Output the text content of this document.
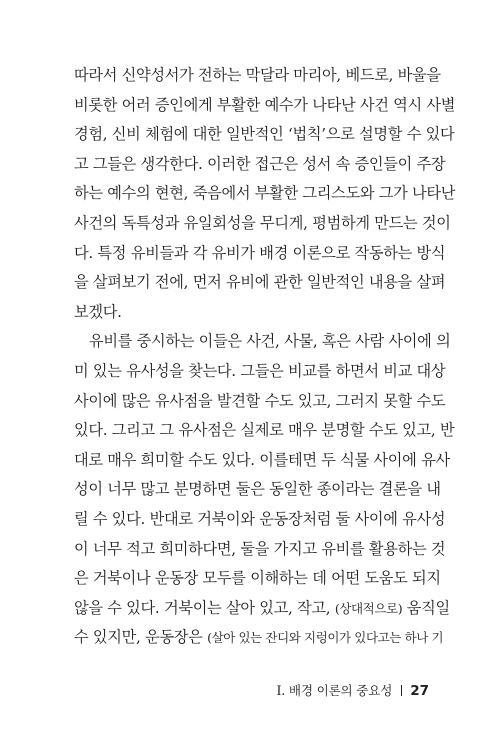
따라서 신약성서가 전하는 막달라 마리아, 베드로, 바울을
비롯한 어러 증인에게 부활한 예수가 나타난 사건 역시 사별
경험, 신비 체험에 대한 일반적인 ‘법칙’으로 설명할 수 있다
고 그들은 생각한다. 이러한 접근은 성서 속 증인들이 주장
하는 예수의 현현, 죽음에서 부활한 그리스도와 그가 나타난
사건의 독특성과 유일회성을 무디게, 평범하게 만드는 것이
다. 특정 유비들과 각 유비가 배경 이론으로 작동하는 방식
을 살펴보기 전에, 먼저 유비에 관한 일반적인 내용을 살펴
보겠다.
유비를 중시하는 이들은 사건, 사물, 혹은 사람 사이에 의
미 있는 유사성을 찾는다. 그들은 비교를 하면서 비교 대상
사이에 많은 유사점을 발견할 수도 있고, 그러지 못할 수도
있다. 그리고 그 유사점은 실제로 매우 분명할 수도 있고, 반
대로 매우 희미할 수도 있다. 이를테면 두 식물 사이에 유사
성이 너무 많고 분명하면 둘은 동일한 종이라는 결론을 내
릴 수 있다. 반대로 거북이와 운동장처럼 둘 사이에 유사성
이 너무 적고 희미하다면, 둘을 가지고 유비를 활용하는 것
은 거북이나 운동장 모두를 이해하는 데 어떤 도움도 되지
않을 수 있다. 거북이는 살아 있고, 작고, (상대적으로) 움직일
수 있지만, 운동장은 (살아 있는 잔디와 지렁이가 있다고는 하나 기
I. 배경 이론의 중요성 27
